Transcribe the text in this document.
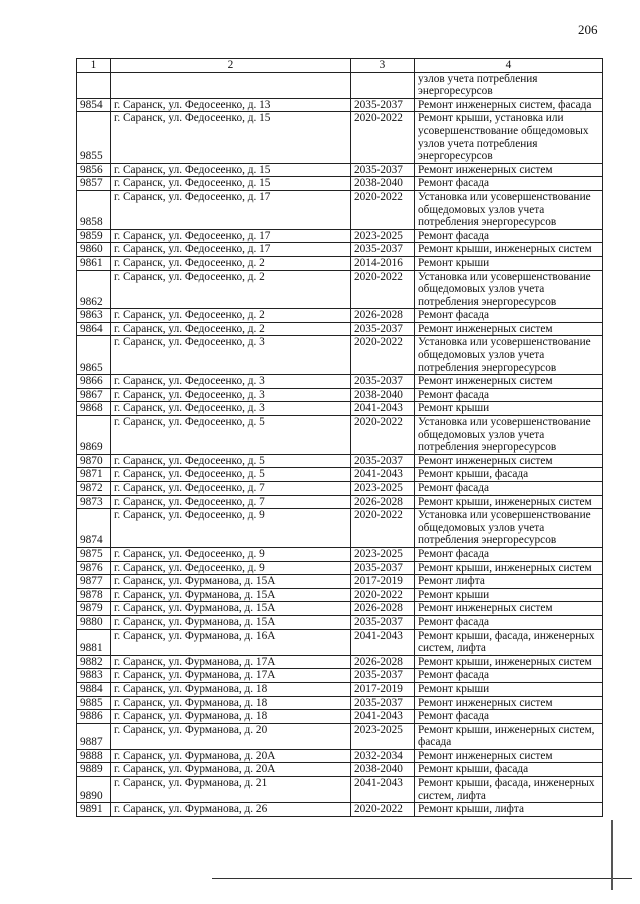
206
1	2	3	4

			узлов учета потребления
энергоресурсов

9854	г. Саранск, ул. Федосеенко, д. 13	2035-2037	Ремонт инженерных систем, фасада

9855	г. Саранск, ул. Федосеенко, д. 15	2020-2022	Ремонт крыши, установка или
усовершенствование общедомовых
узлов учета потребления
энергоресурсов

9856	г. Саранск, ул. Федосеенко, д. 15	2035-2037	Ремонт инженерных систем

9857	г. Саранск, ул. Федосеенко, д. 15	2038-2040	Ремонт фасада

9858	г. Саранск, ул. Федосеенко, д. 17	2020-2022	Установка или усовершенствование
общедомовых узлов учета
потребления энергоресурсов

9859	г. Саранск, ул. Федосеенко, д. 17	2023-2025	Ремонт фасада

9860	г. Саранск, ул. Федосеенко, д. 17	2035-2037	Ремонт крыши, инженерных систем

9861	г. Саранск, ул. Федосеенко, д. 2	2014-2016	Ремонт крыши

9862	г. Саранск, ул. Федосеенко, д. 2	2020-2022	Установка или усовершенствование
общедомовых узлов учета
потребления энергоресурсов

9863	г. Саранск, ул. Федосеенко, д. 2	2026-2028	Ремонт фасада

9864	г. Саранск, ул. Федосеенко, д. 2	2035-2037	Ремонт инженерных систем

9865	г. Саранск, ул. Федосеенко, д. 3	2020-2022	Установка или усовершенствование
общедомовых узлов учета
потребления энергоресурсов

9866	г. Саранск, ул. Федосеенко, д. 3	2035-2037	Ремонт инженерных систем

9867	г. Саранск, ул. Федосеенко, д. 3	2038-2040	Ремонт фасада

9868	г. Саранск, ул. Федосеенко, д. 3	2041-2043	Ремонт крыши

9869	г. Саранск, ул. Федосеенко, д. 5	2020-2022	Установка или усовершенствование
общедомовых узлов учета
потребления энергоресурсов

9870	г. Саранск, ул. Федосеенко, д. 5	2035-2037	Ремонт инженерных систем

9871	г. Саранск, ул. Федосеенко, д. 5	2041-2043	Ремонт крыши, фасада

9872	г. Саранск, ул. Федосеенко, д. 7	2023-2025	Ремонт фасада

9873	г. Саранск, ул. Федосеенко, д. 7	2026-2028	Ремонт крыши, инженерных систем

9874	г. Саранск, ул. Федосеенко, д. 9	2020-2022	Установка или усовершенствование
общедомовых узлов учета
потребления энергоресурсов

9875	г. Саранск, ул. Федосеенко, д. 9	2023-2025	Ремонт фасада

9876	г. Саранск, ул. Федосеенко, д. 9	2035-2037	Ремонт крыши, инженерных систем

9877	г. Саранск, ул. Фурманова, д. 15А	2017-2019	Ремонт лифта

9878	г. Саранск, ул. Фурманова, д. 15А	2020-2022	Ремонт крыши

9879	г. Саранск, ул. Фурманова, д. 15А	2026-2028	Ремонт инженерных систем

9880	г. Саранск, ул. Фурманова, д. 15А	2035-2037	Ремонт фасада

9881	г. Саранск, ул. Фурманова, д. 16А	2041-2043	Ремонт крыши, фасада, инженерных
систем, лифта

9882	г. Саранск, ул. Фурманова, д. 17А	2026-2028	Ремонт крыши, инженерных систем

9883	г. Саранск, ул. Фурманова, д. 17А	2035-2037	Ремонт фасада

9884	г. Саранск, ул. Фурманова, д. 18	2017-2019	Ремонт крыши

9885	г. Саранск, ул. Фурманова, д. 18	2035-2037	Ремонт инженерных систем

9886	г. Саранск, ул. Фурманова, д. 18	2041-2043	Ремонт фасада

9887	г. Саранск, ул. Фурманова, д. 20	2023-2025	Ремонт крыши, инженерных систем,
фасада

9888	г. Саранск, ул. Фурманова, д. 20А	2032-2034	Ремонт инженерных систем

9889	г. Саранск, ул. Фурманова, д. 20А	2038-2040	Ремонт крыши, фасада

9890	г. Саранск, ул. Фурманова, д. 21	2041-2043	Ремонт крыши, фасада, инженерных
систем, лифта

9891	г. Саранск, ул. Фурманова, д. 26	2020-2022	Ремонт крыши, лифта
